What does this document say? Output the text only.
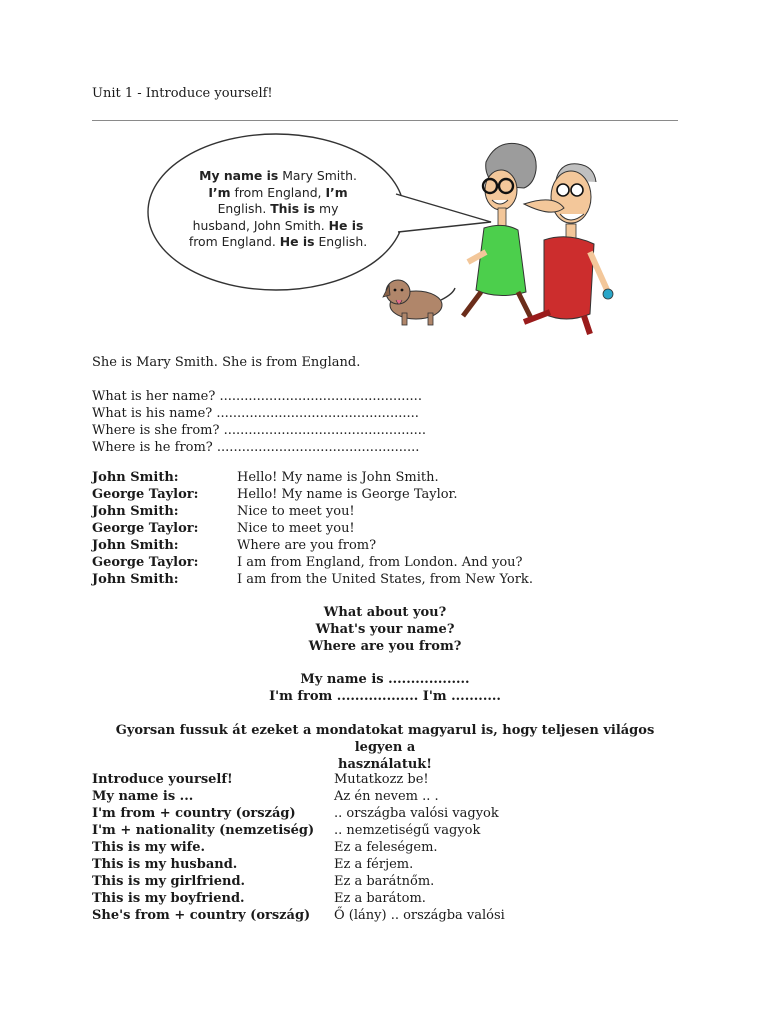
Unit 1 - Introduce yourself!
My name is Mary Smith. I’m from England, I’m English. This is my husband, John Smith. He is from England. He is English.
She is Mary Smith. She is from England.
What is her name? .................................................
What is his name? .................................................
Where is she from? .................................................
Where is he from? .................................................
John Smith:	Hello! My name is John Smith.
George Taylor:	Hello! My name is George Taylor.
John Smith:	Nice to meet you!
George Taylor:	Nice to meet you!
John Smith:	Where are you from?
George Taylor:	I am from England, from London. And you?
John Smith:	I am from the United States, from New York.
What about you?
What's your name?
Where are you from?
My name is ..................
I'm from .................. I'm ...........
Gyorsan fussuk át ezeket a mondatokat magyarul is, hogy teljesen világos legyen a
használatuk!
Introduce yourself!	Mutatkozz be!
My name is ...	Az én nevem .. .
I'm from + country (ország)	.. országba valósi vagyok
I'm + nationality (nemzetiség)	.. nemzetiségű vagyok
This is my wife.	Ez a feleségem.
This is my husband.	Ez a férjem.
This is my girlfriend.	Ez a barátnőm.
This is my boyfriend.	Ez a barátom.
She's from + country (ország)	Ő (lány) .. országba valósi
